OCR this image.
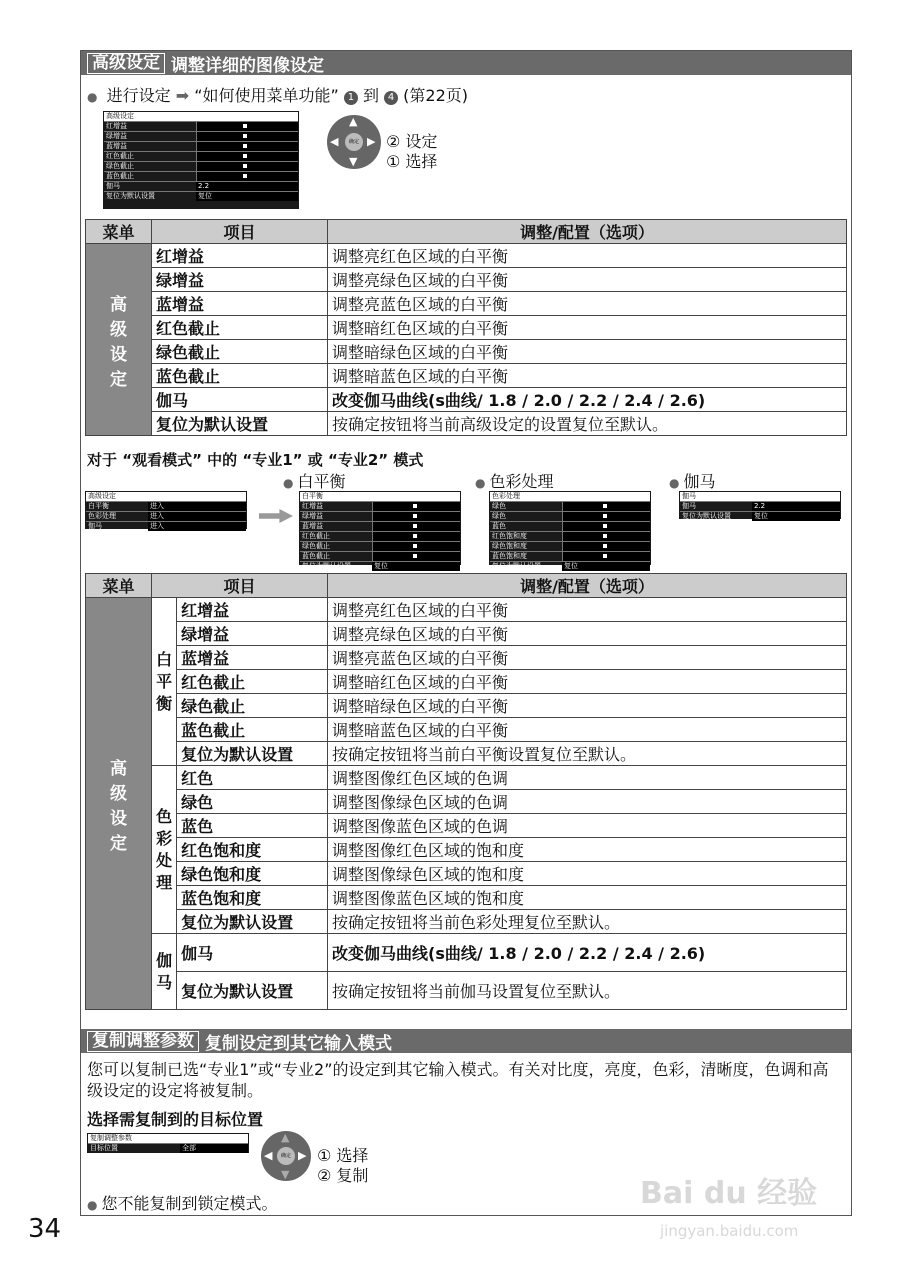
高级设定 调整详细的图像设定
● 进行设定 ➡ “如何使用菜单功能” 1 到 4 (第22页)
高级设定
红增益
绿增益
蓝增益
红色截止
绿色截止
蓝色截止
伽马	2.2
复位为默认设置	复位
▲
▼
◀	▶
确定 ② 设定
① 选择
菜单	项目	调整/配置（选项）

高
级
设
定	红增益	调整亮红色区域的白平衡
	绿增益	调整亮绿色区域的白平衡
	蓝增益	调整亮蓝色区域的白平衡
	红色截止	调整暗红色区域的白平衡
	绿色截止	调整暗绿色区域的白平衡
	蓝色截止	调整暗蓝色区域的白平衡
	伽马	改变伽马曲线(s曲线/ 1.8 / 2.0 / 2.2 / 2.4 / 2.6)
	复位为默认设置	按确定按钮将当前高级设定的设置复位至默认。
对于 “观看模式” 中的 “专业1” 或 “专业2” 模式
● 白平衡	● 色彩处理	● 伽马
高级设定
白平衡	进入
色彩处理	进入
伽马	进入
白平衡
红增益
绿增益
蓝增益
红色截止
绿色截止
蓝色截止
复位为默认设置	复位
色彩处理
绿色
绿色
蓝色
红色饱和度
绿色饱和度
蓝色饱和度
复位为默认设置	复位
伽马
伽马	2.2
复位为默认设置	复位
菜单	项目		调整/配置（选项）

高
级
设
定	白
平
衡	红增益	调整亮红色区域的白平衡
		绿增益	调整亮绿色区域的白平衡
		蓝增益	调整亮蓝色区域的白平衡
		红色截止	调整暗红色区域的白平衡
		绿色截止	调整暗绿色区域的白平衡
		蓝色截止	调整暗蓝色区域的白平衡
		复位为默认设置	按确定按钮将当前白平衡设置复位至默认。

	色
彩
处
理	红色	调整图像红色区域的色调
		绿色	调整图像绿色区域的色调
		蓝色	调整图像蓝色区域的色调
		红色饱和度	调整图像红色区域的饱和度
		绿色饱和度	调整图像绿色区域的饱和度
		蓝色饱和度	调整图像蓝色区域的饱和度
		复位为默认设置	按确定按钮将当前色彩处理复位至默认。

	伽
马	伽马	改变伽马曲线(s曲线/ 1.8 / 2.0 / 2.2 / 2.4 / 2.6)
		复位为默认设置	按确定按钮将当前伽马设置复位至默认。
复制调整参数 复制设定到其它输入模式
您可以复制已选“专业1”或“专业2”的设定到其它输入模式。有关对比度，亮度，色彩，清晰度，色调和高级设定的设定将被复制。
选择需复制到的目标位置
复制调整参数
目标位置	全部
▲
▼
◀ ▶
确定 ① 选择
② 复制
● 您不能复制到锁定模式。
34
Bai du 经验
jingyan.baidu.com
